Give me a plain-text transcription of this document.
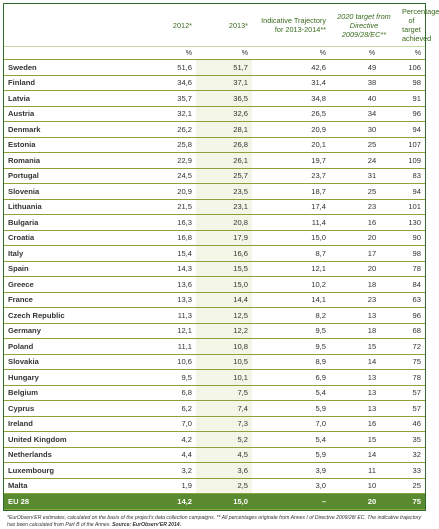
	2012*	2013*	Indicative Trajectory for 2013-2014**	2020 target from Directive 2009/28/EC**	Percentage of target achieved
	%	%	%	%	%
Sweden	51,6	51,7	42,6	49	106
Finland	34,6	37,1	31,4	38	98
Latvia	35,7	36,5	34,8	40	91
Austria	32,1	32,6	26,5	34	96
Denmark	26,2	28,1	20,9	30	94
Estonia	25,8	26,8	20,1	25	107
Romania	22,9	26,1	19,7	24	109
Portugal	24,5	25,7	23,7	31	83
Slovenia	20,9	23,5	18,7	25	94
Lithuania	21,5	23,1	17,4	23	101
Bulgaria	16,3	20,8	11,4	16	130
Croatia	16,8	17,9	15,0	20	90
Italy	15,4	16,6	8,7	17	98
Spain	14,3	15,5	12,1	20	78
Greece	13,6	15,0	10,2	18	84
France	13,3	14,4	14,1	23	63
Czech Republic	11,3	12,5	8,2	13	96
Germany	12,1	12,2	9,5	18	68
Poland	11,1	10,8	9,5	15	72
Slovakia	10,6	10,5	8,9	14	75
Hungary	9,5	10,1	6,9	13	78
Belgium	6,8	7,5	5,4	13	57
Cyprus	6,2	7,4	5,9	13	57
Ireland	7,0	7,3	7,0	16	46
United Kingdom	4,2	5,2	5,4	15	35
Netherlands	4,4	4,5	5,9	14	32
Luxembourg	3,2	3,6	3,9	11	33
Malta	1,9	2,5	3,0	10	25
EU 28	14,2	15,0	–	20	75
*EurObserv'ER estimates, calculated on the basis of the project's data collection campaigns. ** All percentages originate from Annex I of Directive 2009/28/ EC. The indicative trajectory has been calculated from Part B of the Annex. Source: EurObserv'ER 2014.
